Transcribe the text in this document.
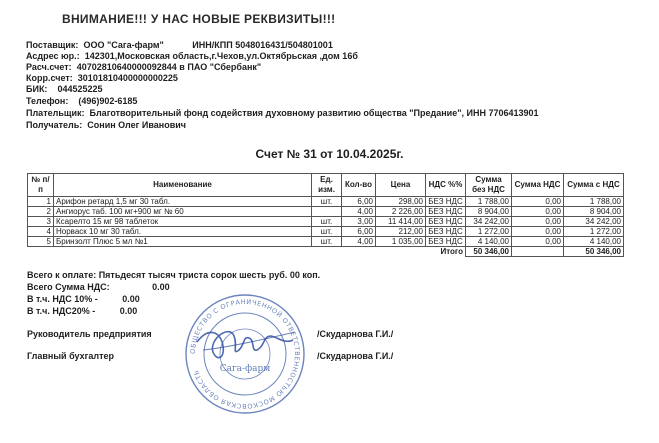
ВНИМАНИЕ!!! У НАС НОВЫЕ РЕКВИЗИТЫ!!!
Поставщик: ООО "Сага-фарм"	ИНН/КПП 5048016431/504801001
Асдрес юр.: 142301,Московская область,г.Чехов,ул.Октябрьская ,дом 16б
Расч.счет: 40702810640000092844 в ПАО "Сбербанк"
Корр.счет: 30101810400000000225
БИК: 044525225
Телефон: (496)902-6185
Плательщик: Благотворительный фонд содействия духовному развитию общества "Предание", ИНН 7706413901
Получатель: Сонин Олег Иванович
Счет № 31 от 10.04.2025г.
№ п/п	Наименование	Ед. изм.	Кол-во	Цена	НДС %%	Сумма без НДС	Сумма НДС	Сумма с НДС
1	Арифон ретард 1,5 мг 30 табл.	шт.	6,00	298,00	БЕЗ НДС	1 788,00	0,00	1 788,00
2	Ангиорус таб. 100 мг+900 мг № 60		4,00	2 226,00	БЕЗ НДС	8 904,00	0,00	8 904,00
3	Ксарелто 15 мг 98 таблеток	шт.	3,00	11 414,00	БЕЗ НДС	34 242,00	0,00	34 242,00
4	Норваск 10 мг 30 табл.	шт.	6,00	212,00	БЕЗ НДС	1 272,00	0,00	1 272,00
5	Бринзолт Плюс 5 мл №1	шт.	4,00	1 035,00	БЕЗ НДС	4 140,00	0,00	4 140,00
Итого						50 346,00		50 346,00
Всего к оплате: Пятьдесят тысяч триста сорок шесть руб. 00 коп.
Всего Сумма НДС:	0.00
В т.ч. НДС 10% -	0.00
В т.ч. НДС20% -	0.00
Руководитель предприятия	/Скударнова Г.И./
Главный бухгалтер	/Скударнова Г.И./
ОБЩЕСТВО С ОГРАНИЧЕННОЙ ОТВЕТСТВЕННОСТЬЮ МОСКОВСКАЯ ОБЛАСТЬ	Сага-фарм
